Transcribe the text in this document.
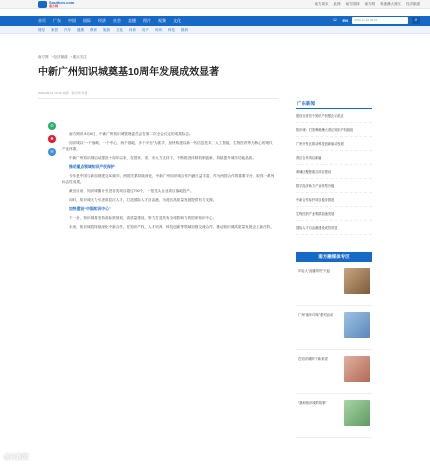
Southcn.com
南方网	南方周末 此网 南方园林 南方网 粤港澳大湾区 经济频道
首页 广东 中国 国际 经济 社会 直播 图片 视频 文化	☺ EN	2020-11-26 09:21	⌕
财经 家居 汽车 健康 教育 旅游 文化 体育 房产 时尚 科技 数码
南方网 › 经济频道 › 重点关注
中新广州知识城奠基10周年发展成效显著
2020-08-07 10:15 来源：南方网 作者：
✆
✺
✉

南方网讯 8月6日，中新广州知识城管理委员会在第二次全会议定的成果标志。

知识城以“一个战略、一个中心、两个基地、多个平台”为抓手，加快构建以新一代信息技术、人工智能、生物医药等为核心的现代产业体系。

中新广州知识城启动建设十周年以来，在国家、省、市大力支持下，不断推进体制机制创新，持续提升城市功能品质。

推动重点领域知识产权保护

今年是中国与新加坡建交30周年，两国关系持续深化，中新广州知识城合作内涵日益丰富，作为两国合作的重要平台，取得一系列标志性成果。

截至目前，知识城累计引进各类项目超过700个，一批龙头企业项目落地投产。

同时，知识城大力引进高层次人才，打造国际人才自由港，为湾区高质量发展提供有力支撑。

加快建设“中国知识中心”

下一步，知识城将坚持高标准规划、高质量建设，努力打造具有全球影响力的国家知识中心。

未来，知识城将持续深化中新合作，在知识产权、人才培养、科技创新等领域加强交流合作，推动知识城高质量发展迈上新台阶。

广东新闻
建设全省首个知识产权强企示范区
知识城：打造粤港澳大湾区知识产权枢纽
广州开发区推动科技创新驱动发展
湾区合作再启新篇
黄埔区聚焦重点项目建设
数字经济助力产业转型升级
中新合作标杆项目稳步推进
生物医药产业集群加速发展
国际人才自由港建设成效初显
南方融媒体专区
年轻人“直播带货”兴起
广州“童年印象”系列活动
在知识城种下新希望
“我和知识城的故事”
南方新闻
